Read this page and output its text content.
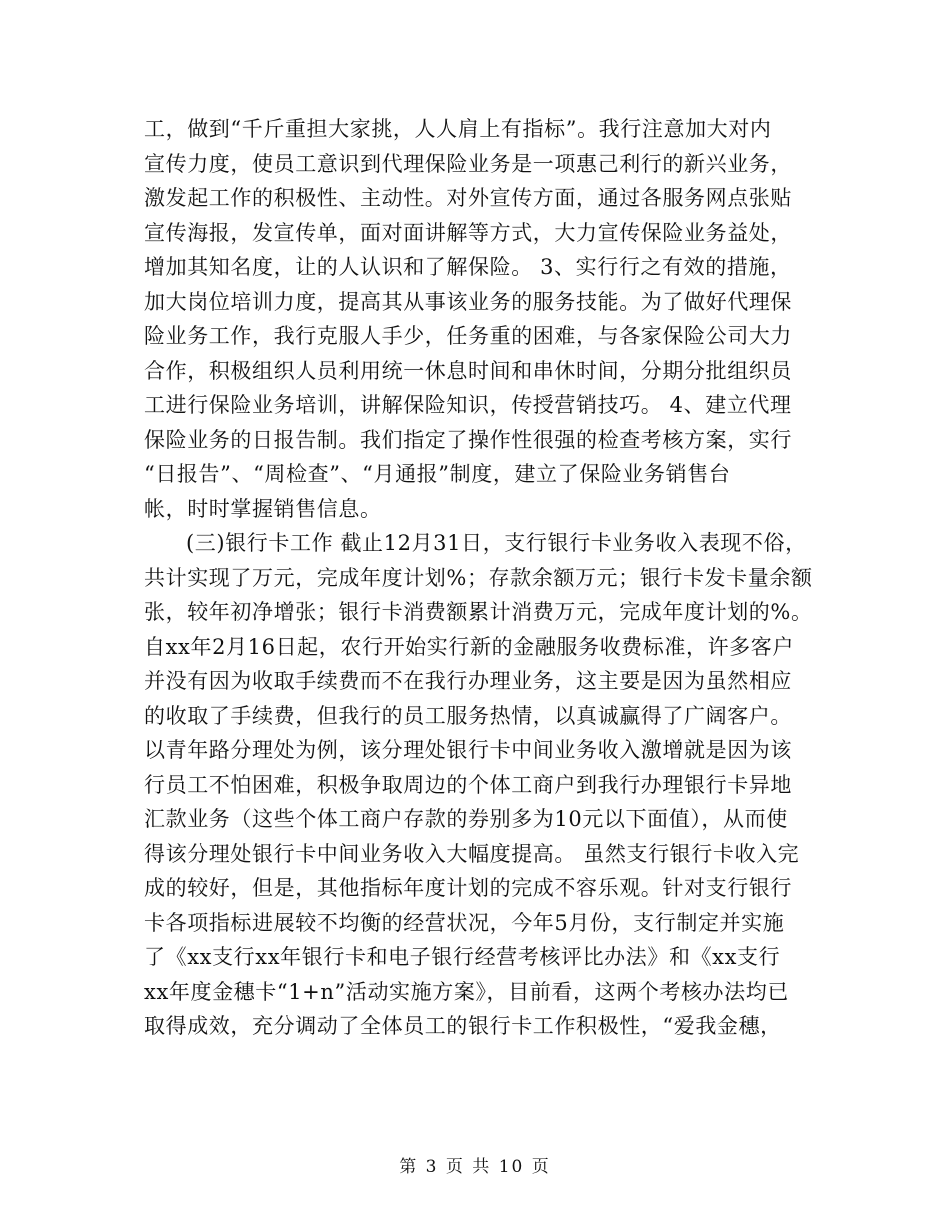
工，做到“千斤重担大家挑，人人肩上有指标”。我行注意加大对内
宣传力度，使员工意识到代理保险业务是一项惠己利行的新兴业务，
激发起工作的积极性、主动性。对外宣传方面，通过各服务网点张贴
宣传海报，发宣传单，面对面讲解等方式，大力宣传保险业务益处，
增加其知名度，让的人认识和了解保险。 3、实行行之有效的措施，
加大岗位培训力度，提高其从事该业务的服务技能。为了做好代理保
险业务工作，我行克服人手少，任务重的困难，与各家保险公司大力
合作，积极组织人员利用统一休息时间和串休时间，分期分批组织员
工进行保险业务培训，讲解保险知识，传授营销技巧。 4、建立代理
保险业务的日报告制。我们指定了操作性很强的检查考核方案，实行
“日报告”、“周检查”、“月通报”制度，建立了保险业务销售台
帐，时时掌握销售信息。
(三)银行卡工作 截止12月31日，支行银行卡业务收入表现不俗，
共计实现了万元，完成年度计划%；存款余额万元；银行卡发卡量余额
张，较年初净增张；银行卡消费额累计消费万元，完成年度计划的%。
自xx年2月16日起，农行开始实行新的金融服务收费标准，许多客户
并没有因为收取手续费而不在我行办理业务，这主要是因为虽然相应
的收取了手续费，但我行的员工服务热情，以真诚赢得了广阔客户。
以青年路分理处为例，该分理处银行卡中间业务收入激增就是因为该
行员工不怕困难，积极争取周边的个体工商户到我行办理银行卡异地
汇款业务（这些个体工商户存款的券别多为10元以下面值），从而使
得该分理处银行卡中间业务收入大幅度提高。 虽然支行银行卡收入完
成的较好，但是，其他指标年度计划的完成不容乐观。针对支行银行
卡各项指标进展较不均衡的经营状况，今年5月份，支行制定并实施
了《xx支行xx年银行卡和电子银行经营考核评比办法》和《xx支行
xx年度金穗卡“1+n”活动实施方案》，目前看，这两个考核办法均已
取得成效，充分调动了全体员工的银行卡工作积极性，“爱我金穗，
第 3 页 共 10 页
